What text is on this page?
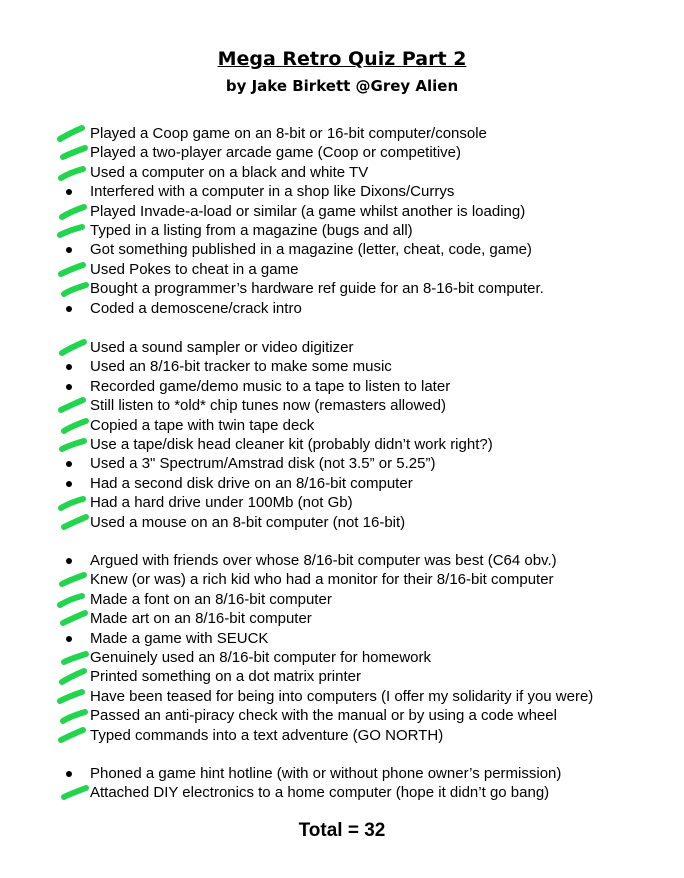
Mega Retro Quiz Part 2
by Jake Birkett @Grey Alien
Played a Coop game on an 8-bit or 16-bit computer/console
Played a two-player arcade game (Coop or competitive)
Used a computer on a black and white TV
Interfered with a computer in a shop like Dixons/Currys
Played Invade-a-load or similar (a game whilst another is loading)
Typed in a listing from a magazine (bugs and all)
Got something published in a magazine (letter, cheat, code, game)
Used Pokes to cheat in a game
Bought a programmer’s hardware ref guide for an 8-16-bit computer.
Coded a demoscene/crack intro
Used a sound sampler or video digitizer
Used an 8/16-bit tracker to make some music
Recorded game/demo music to a tape to listen to later
Still listen to *old* chip tunes now (remasters allowed)
Copied a tape with twin tape deck
Use a tape/disk head cleaner kit (probably didn’t work right?)
Used a 3" Spectrum/Amstrad disk (not 3.5” or 5.25”)
Had a second disk drive on an 8/16-bit computer
Had a hard drive under 100Mb (not Gb)
Used a mouse on an 8-bit computer (not 16-bit)
Argued with friends over whose 8/16-bit computer was best (C64 obv.)
Knew (or was) a rich kid who had a monitor for their 8/16-bit computer
Made a font on an 8/16-bit computer
Made art on an 8/16-bit computer
Made a game with SEUCK
Genuinely used an 8/16-bit computer for homework
Printed something on a dot matrix printer
Have been teased for being into computers (I offer my solidarity if you were)
Passed an anti-piracy check with the manual or by using a code wheel
Typed commands into a text adventure (GO NORTH)
Phoned a game hint hotline (with or without phone owner’s permission)
Attached DIY electronics to a home computer (hope it didn’t go bang)
Total = 32
